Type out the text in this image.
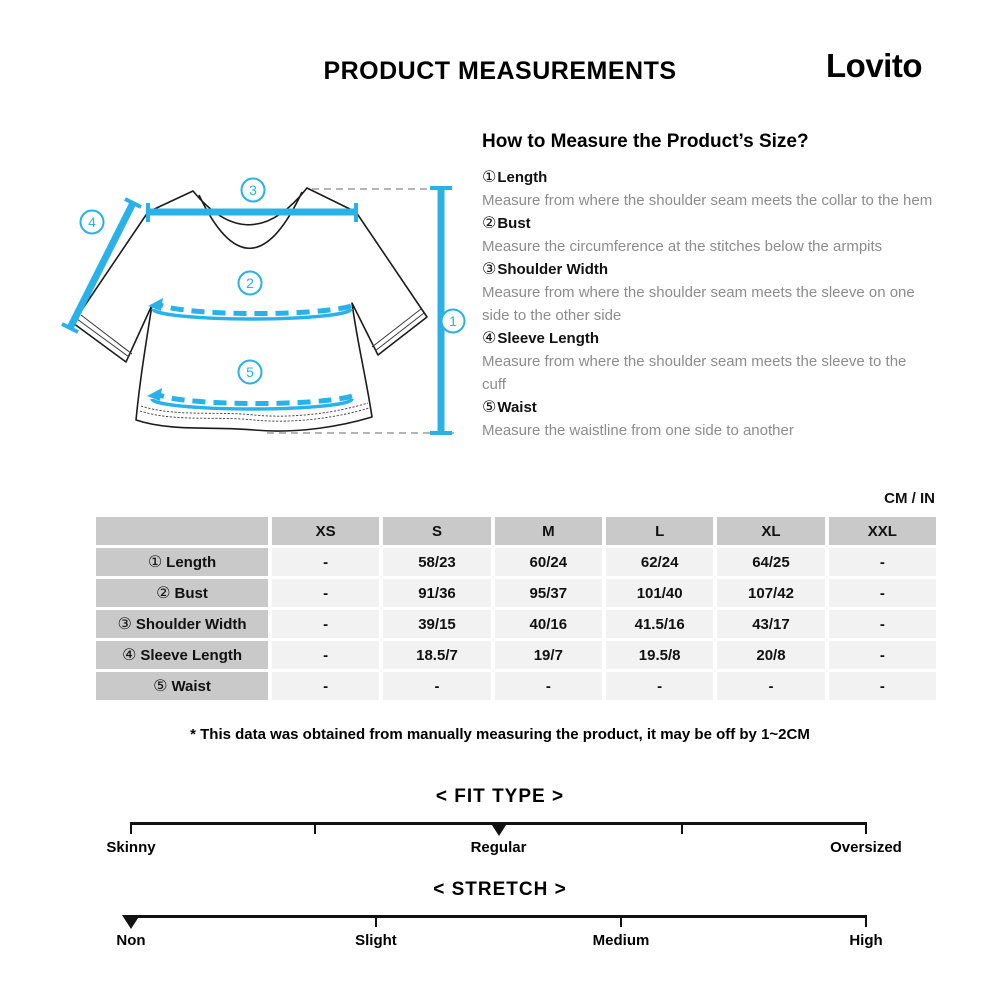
PRODUCT MEASUREMENTS	Lovito
1
2
3
4
5
How to Measure the Product’s Size?
①Length

Measure from where the shoulder seam meets the collar to the hem

②Bust

Measure the circumference at the stitches below the armpits

③Shoulder Width

Measure from where the shoulder seam meets the sleeve on one side to the other side

④Sleeve Length

Measure from where the shoulder seam meets the sleeve to the cuff

⑤Waist

Measure the waistline from one side to another

CM / IN
	XS	S	M	L	XL	XXL
① Length	-	58/23	60/24	62/24	64/25	-
② Bust	-	91/36	95/37	101/40	107/42	-
③ Shoulder Width	-	39/15	40/16	41.5/16	43/17	-
④ Sleeve Length	-	18.5/7	19/7	19.5/8	20/8	-
⑤ Waist	-	-	-	-	-	-
* This data was obtained from manually measuring the product, it may be off by 1~2CM
< FIT TYPE >
Skinny	Regular	Oversized
< STRETCH >
Non	Slight	Medium	High
